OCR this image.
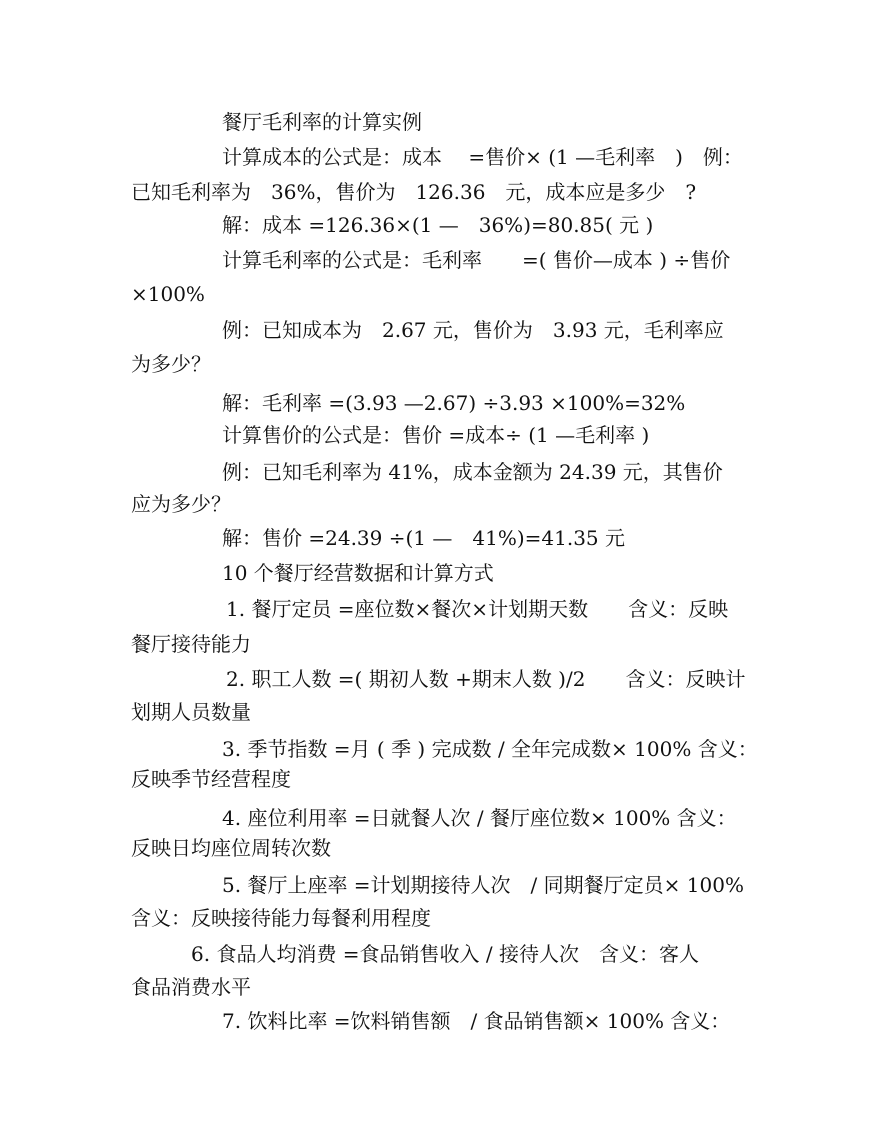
餐厅毛利率的计算实例
计算成本的公式是：成本　 =售价× (1 —毛利率　)　例：
已知毛利率为　36%，售价为　126.36　元，成本应是多少　?
解：成本 =126.36×(1 —　36%)=80.85( 元 )
计算毛利率的公式是：毛利率　　=( 售价—成本 ) ÷售价
×100%
例：已知成本为　2.67 元，售价为　3.93 元，毛利率应
为多少？
解：毛利率 =(3.93 —2.67) ÷3.93 ×100%=32%
计算售价的公式是：售价 =成本÷ (1 —毛利率 )
例：已知毛利率为 41%，成本金额为 24.39 元，其售价
应为多少？
解：售价 =24.39 ÷(1 —　41%)=41.35 元
10 个餐厅经营数据和计算方式
1. 餐厅定员 =座位数×餐次×计划期天数　　含义：反映
餐厅接待能力
2. 职工人数 =( 期初人数 +期末人数 )/2　　含义：反映计
划期人员数量
3. 季节指数 =月 ( 季 ) 完成数 / 全年完成数× 100% 含义：
反映季节经营程度
4. 座位利用率 =日就餐人次 / 餐厅座位数× 100% 含义：
反映日均座位周转次数
5. 餐厅上座率 =计划期接待人次　/ 同期餐厅定员× 100%
含义：反映接待能力每餐利用程度
6. 食品人均消费 =食品销售收入 / 接待人次　含义：客人
食品消费水平
7. 饮料比率 =饮料销售额　/ 食品销售额× 100% 含义：
